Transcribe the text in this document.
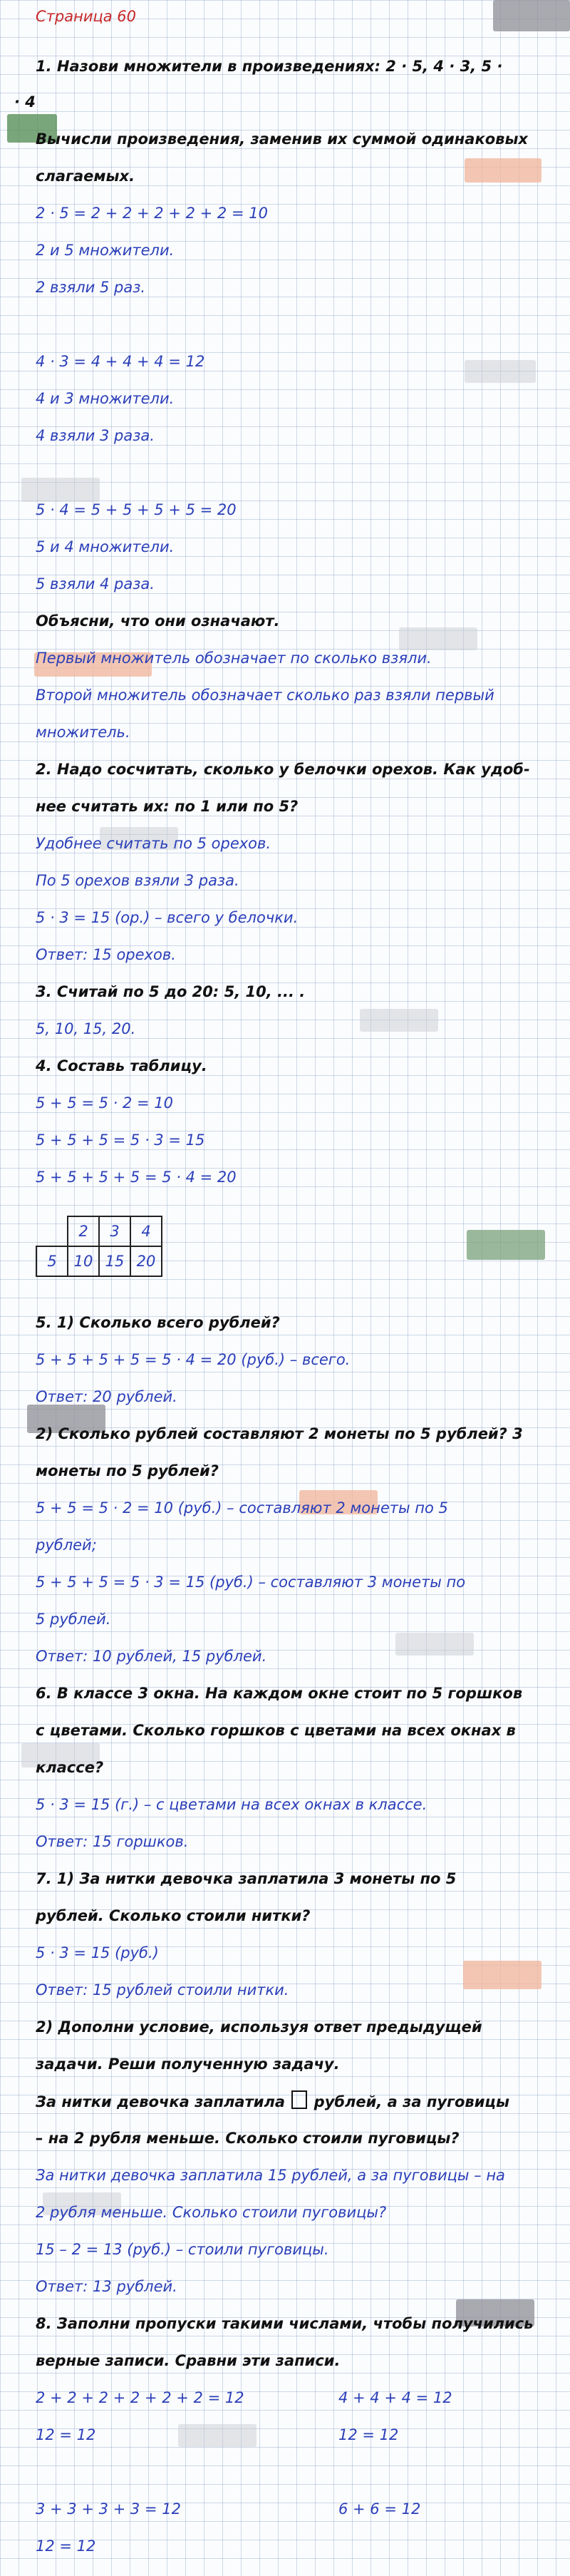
Страница 60
1. Назови множители в произведениях: 2 · 5, 4 · 3, 5 ·
· 4
Вычисли произведения, заменив их суммой одинаковых
слагаемых.
2 · 5 = 2 + 2 + 2 + 2 + 2 = 10
2 и 5 множители.
2 взяли 5 раз.
4 · 3 = 4 + 4 + 4 = 12
4 и 3 множители.
4 взяли 3 раза.
5 · 4 = 5 + 5 + 5 + 5 = 20
5 и 4 множители.
5 взяли 4 раза.
Объясни, что они означают.
Первый множитель обозначает по сколько взяли.
Второй множитель обозначает сколько раз взяли первый
множитель.
2. Надо сосчитать, сколько у белочки орехов. Как удоб-
нее считать их: по 1 или по 5?
Удобнее считать по 5 орехов.
По 5 орехов взяли 3 раза.
5 · 3 = 15 (ор.) – всего у белочки.
Ответ: 15 орехов.
3. Считай по 5 до 20: 5, 10, ... .
5, 10, 15, 20.
4. Составь таблицу.
5 + 5 = 5 · 2 = 10
5 + 5 + 5 = 5 · 3 = 15
5 + 5 + 5 + 5 = 5 · 4 = 20
	2	3	4
5	10	15	20
5. 1) Сколько всего рублей?
5 + 5 + 5 + 5 = 5 · 4 = 20 (руб.) – всего.
Ответ: 20 рублей.
2) Сколько рублей составляют 2 монеты по 5 рублей? 3
монеты по 5 рублей?
5 + 5 = 5 · 2 = 10 (руб.) – составляют 2 монеты по 5
рублей;
5 + 5 + 5 = 5 · 3 = 15 (руб.) – составляют 3 монеты по
5 рублей.
Ответ: 10 рублей, 15 рублей.
6. В классе 3 окна. На каждом окне стоит по 5 горшков
с цветами. Сколько горшков с цветами на всех окнах в
классе?
5 · 3 = 15 (г.) – с цветами на всех окнах в классе.
Ответ: 15 горшков.
7. 1) За нитки девочка заплатила 3 монеты по 5
рублей. Сколько стоили нитки?
5 · 3 = 15 (руб.)
Ответ: 15 рублей стоили нитки.
2) Дополни условие, используя ответ предыдущей
задачи. Реши полученную задачу.
За нитки девочка заплатила рублей, а за пуговицы
– на 2 рубля меньше. Сколько стоили пуговицы?
За нитки девочка заплатила 15 рублей, а за пуговицы – на
2 рубля меньше. Сколько стоили пуговицы?
15 – 2 = 13 (руб.) – стоили пуговицы.
Ответ: 13 рублей.
8. Заполни пропуски такими числами, чтобы получились
верные записи. Сравни эти записи.
2 + 2 + 2 + 2 + 2 + 2 = 12	4 + 4 + 4 = 12
12 = 12	12 = 12
3 + 3 + 3 + 3 = 12	6 + 6 = 12
12 = 12
